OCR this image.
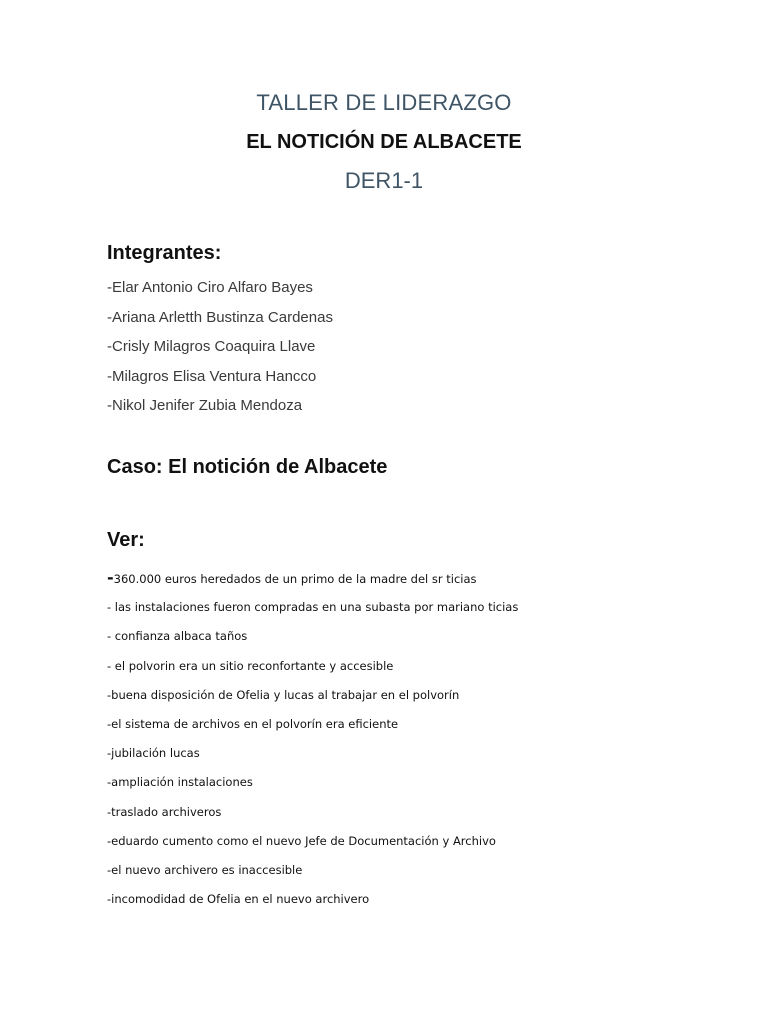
TALLER DE LIDERAZGO
EL NOTICIÓN DE ALBACETE
DER1-1
Integrantes:
-Elar Antonio Ciro Alfaro Bayes
-Ariana Arletth Bustinza Cardenas
-Crisly Milagros Coaquira Llave
-Milagros Elisa Ventura Hancco
-Nikol Jenifer Zubia Mendoza
Caso: El notición de Albacete
Ver:
-360.000 euros heredados de un primo de la madre del sr ticias
- las instalaciones fueron compradas en una subasta por mariano ticias
- confianza albaca taños
- el polvorin era un sitio reconfortante y accesible
-buena disposición de Ofelia y lucas al trabajar en el polvorín
-el sistema de archivos en el polvorín era eficiente
-jubilación lucas
-ampliación instalaciones
-traslado archiveros
-eduardo cumento como el nuevo Jefe de Documentación y Archivo
-el nuevo archivero es inaccesible
-incomodidad de Ofelia en el nuevo archivero
